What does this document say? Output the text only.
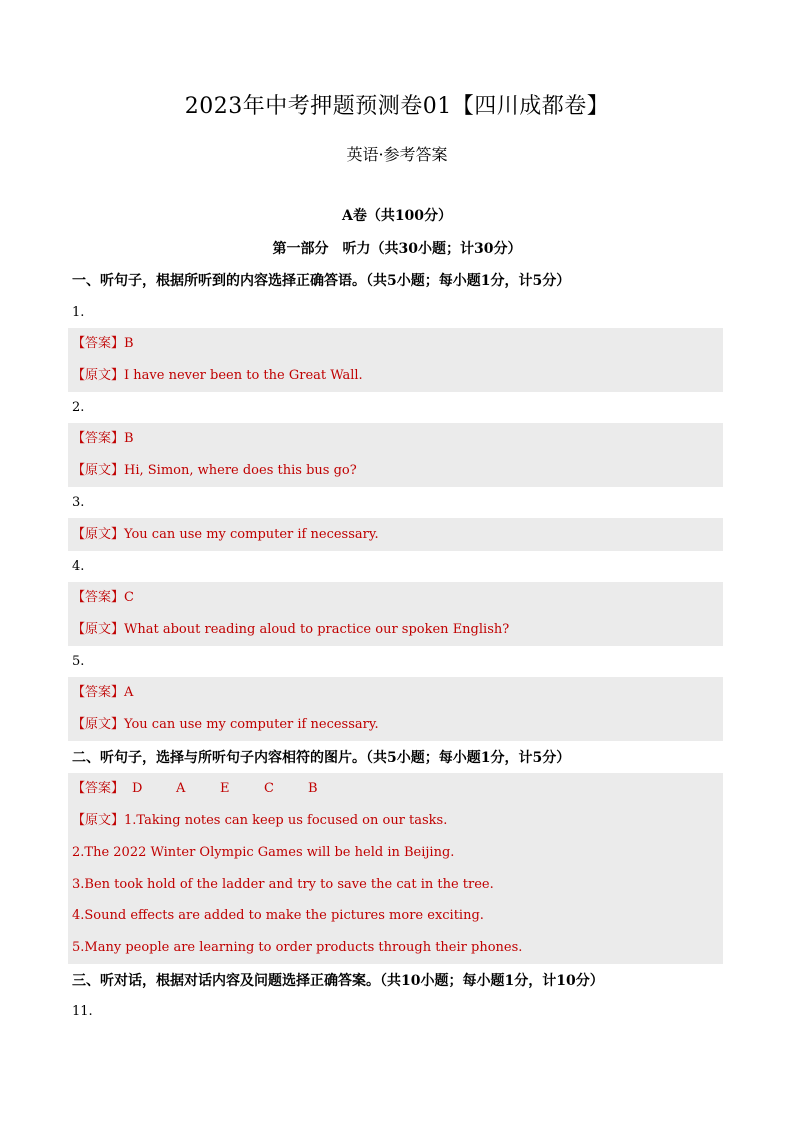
2023年中考押题预测卷01【四川成都卷】
英语·参考答案
A卷（共100分）
第一部分　听力（共30小题；计30分）
一、听句子，根据所听到的内容选择正确答语。（共5小题；每小题1分，计5分）
1.
【答案】B
【原文】I have never been to the Great Wall.
2.
【答案】B
【原文】Hi, Simon, where does this bus go?
3.
【原文】You can use my computer if necessary.
4.
【答案】C
【原文】What about reading aloud to practice our spoken English?
5.
【答案】A
【原文】You can use my computer if necessary.
二、听句子，选择与所听句子内容相符的图片。（共5小题；每小题1分，计5分）
【答案】 D	A	E	C	B
【原文】1.Taking notes can keep us focused on our tasks.
2.The 2022 Winter Olympic Games will be held in Beijing.
3.Ben took hold of the ladder and try to save the cat in the tree.
4.Sound effects are added to make the pictures more exciting.
5.Many people are learning to order products through their phones.
三、听对话，根据对话内容及问题选择正确答案。（共10小题；每小题1分，计10分）
11.
